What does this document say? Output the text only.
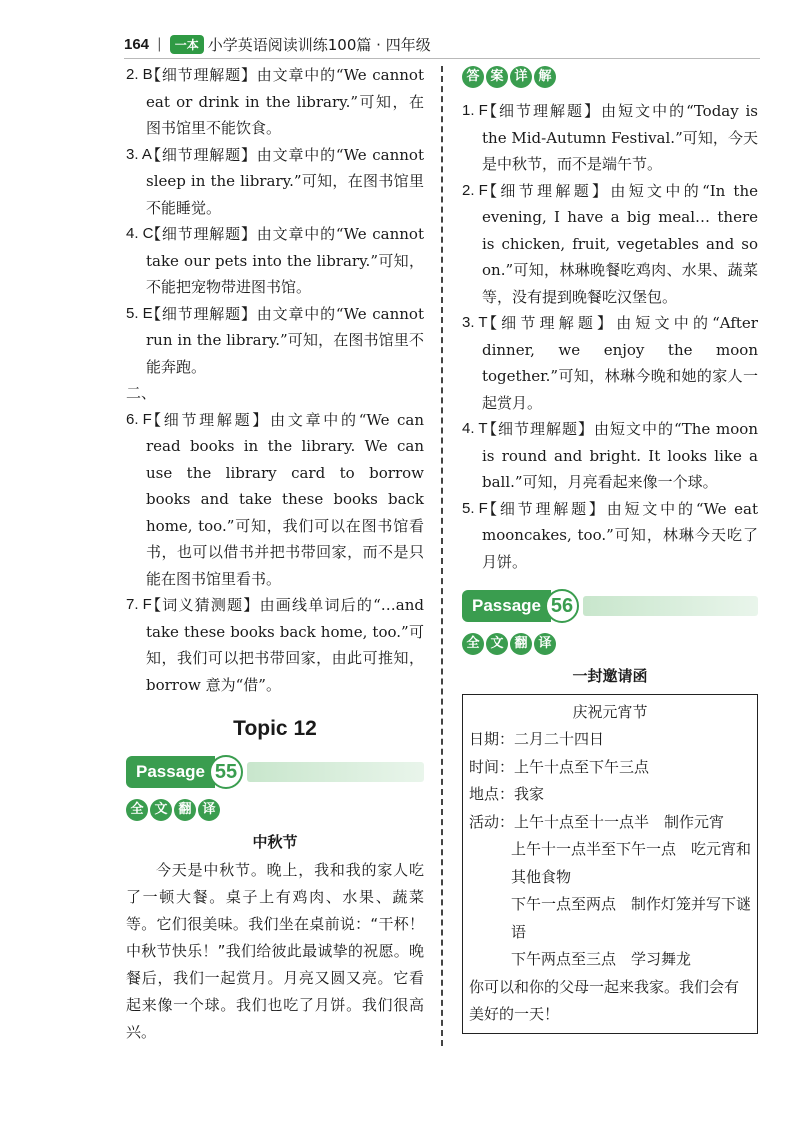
164 |	一本 小学英语阅读训练100篇 · 四年级
2. B
【细节理解题】由文章中的“We cannot eat or drink in the library.”可知，在图书馆里不能饮食。
3. A
【细节理解题】由文章中的“We cannot sleep in the library.”可知，在图书馆里不能睡觉。
4. C
【细节理解题】由文章中的“We cannot take our pets into the library.”可知，不能把宠物带进图书馆。
5. E
【细节理解题】由文章中的“We cannot run in the library.”可知，在图书馆里不能奔跑。
二、
6. F
【细节理解题】由文章中的“We can read books in the library. We can use the library card to borrow books and take these books back home, too.”可知，我们可以在图书馆看书，也可以借书并把书带回家，而不是只能在图书馆里看书。
7. F
【词义猜测题】由画线单词后的“…and take these books back home, too.”可知，我们可以把书带回家，由此可推知，borrow 意为“借”。
Topic 12
Passage 55
全 文 翻 译
中秋节
今天是中秋节。晚上，我和我的家人吃了一顿大餐。桌子上有鸡肉、水果、蔬菜等。它们很美味。我们坐在桌前说：“干杯！中秋节快乐！”我们给彼此最诚挚的祝愿。晚餐后，我们一起赏月。月亮又圆又亮。它看起来像一个球。我们也吃了月饼。我们很高兴。
答 案 详 解
1. F
【细节理解题】由短文中的“Today is the Mid-Autumn Festival.”可知，今天是中秋节，而不是端午节。
2. F
【细节理解题】由短文中的“In the evening, I have a big meal… there is chicken, fruit, vegetables and so on.”可知，林琳晚餐吃鸡肉、水果、蔬菜等，没有提到晚餐吃汉堡包。
3. T
【细节理解题】由短文中的“After dinner, we enjoy the moon together.”可知，林琳今晚和她的家人一起赏月。
4. T
【细节理解题】由短文中的“The moon is round and bright. It looks like a ball.”可知，月亮看起来像一个球。
5. F
【细节理解题】由短文中的“We eat mooncakes, too.”可知，林琳今天吃了月饼。
Passage 56
全 文 翻 译
一封邀请函
庆祝元宵节
日期：二月二十四日
时间：上午十点至下午三点
地点：我家
活动：上午十点至十一点半　制作元宵
上午十一点半至下午一点　吃元宵和其他食物
下午一点至两点　制作灯笼并写下谜语
下午两点至三点　学习舞龙
你可以和你的父母一起来我家。我们会有美好的一天！
